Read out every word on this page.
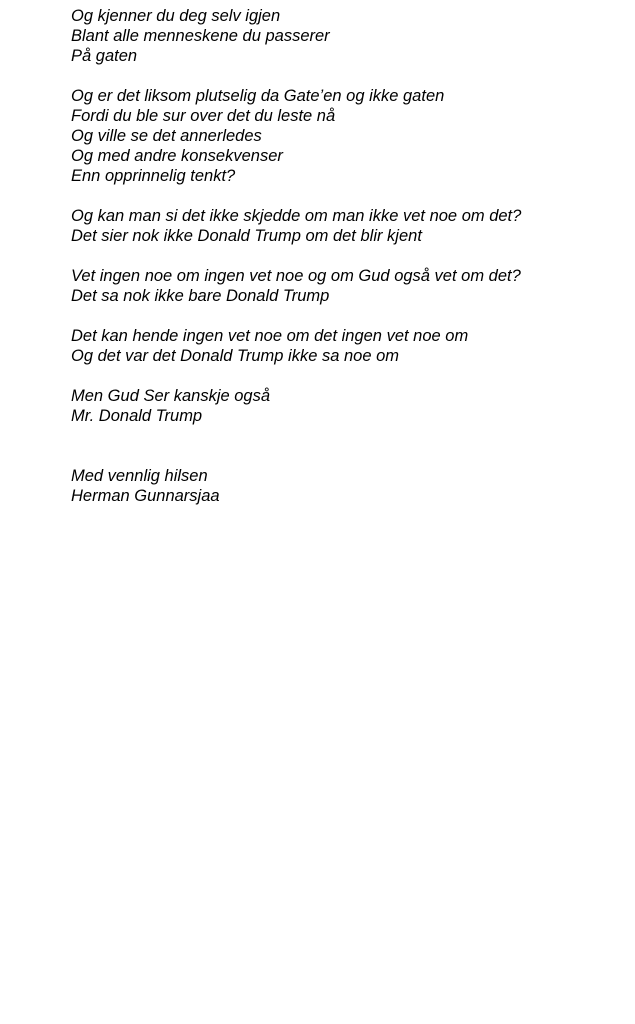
Og kjenner du deg selv igjen
Blant alle menneskene du passerer
På gaten
Og er det liksom plutselig da Gate’en og ikke gaten
Fordi du ble sur over det du leste nå
Og ville se det annerledes
Og med andre konsekvenser
Enn opprinnelig tenkt?
Og kan man si det ikke skjedde om man ikke vet noe om det?
Det sier nok ikke Donald Trump om det blir kjent
Vet ingen noe om ingen vet noe og om Gud også vet om det?
Det sa nok ikke bare Donald Trump
Det kan hende ingen vet noe om det ingen vet noe om
Og det var det Donald Trump ikke sa noe om
Men Gud Ser kanskje også
Mr. Donald Trump
Med vennlig hilsen
Herman Gunnarsjaa
